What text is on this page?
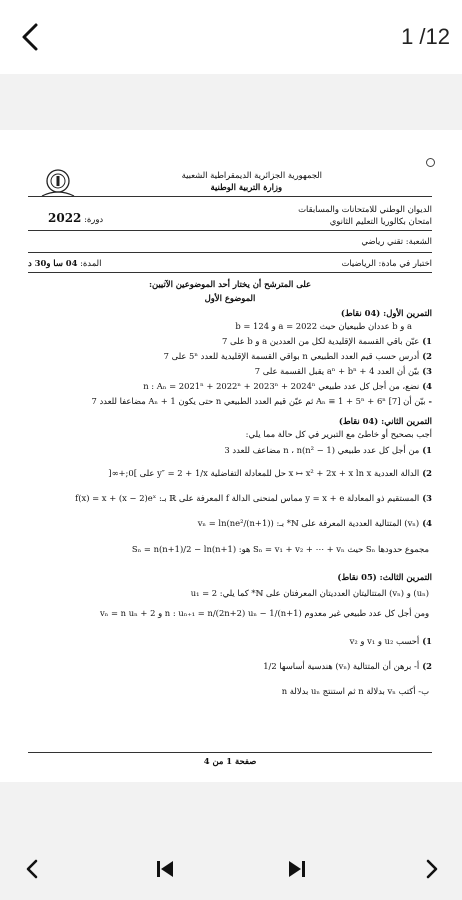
1 /12
الجمهورية الجزائرية الديمقراطية الشعبية
وزارة التربية الوطنية
الديوان الوطني للامتحانات والمسابقات
امتحان بكالوريا التعليم الثانوي
دورة: 2022
الشعبة: تقني رياضي
اختبار في مادة: الرياضيات
المدة: 04 سا و30 د
على المترشح أن يختار أحد الموضوعين الآتيين:
الموضوع الأول
التمرين الأول: (04 نقاط)
a و b عددان طبيعيان حيث 2022 = a و 124 = b
1)عيّن باقي القسمة الإقليدية لكل من العددين a و b على 7
2)أدرس حسب قيم العدد الطبيعي n بواقي القسمة الإقليدية للعدد 5ⁿ على 7
3)بيّن أن العدد 4 + aⁿ + bⁿ يقبل القسمة على 7
4)نضع، من أجل كل عدد طبيعي n : Aₙ = 2021ⁿ + 2022ⁿ + 2023ⁿ + 2024ⁿ
-بيّن أن [7] Aₙ ≡ 1 + 5ⁿ + 6ⁿ ثم عيّن قيم العدد الطبيعي n حتى يكون Aₙ + 1 مضاعفا للعدد 7
التمرين الثاني: (04 نقاط)
أجب بصحيح أو خاطئ مع التبرير في كل حالة مما يلي:
1)من أجل كل عدد طبيعي n ، n(n² − 1) مضاعف للعدد 3
2)الدالة العددية x ↦ x² + 2x + x ln x حل للمعادلة التفاضلية y″ = 2 + 1/x على ]0;+∞[
3)المستقيم ذو المعادلة y = x + e مماس لمنحنى الدالة f المعرفة على ℝ بـ: f(x) = x + (x − 2)eˣ
4)(vₙ) المتتالية العددية المعرفة على ℕ* بـ: vₙ = ln(ne²/(n+1))
مجموع حدودها Sₙ حيث Sₙ = v₁ + v₂ + ⋯ + vₙ هو: Sₙ = n(n+1)/2 − ln(n+1)
التمرين الثالث: (05 نقاط)
(uₙ) و (vₙ) المتتاليتان العدديتان المعرفتان على ℕ* كما يلي: u₁ = 2
ومن أجل كل عدد طبيعي غير معدوم n : uₙ₊₁ = n/(2n+2) uₙ − 1/(n+1) و vₙ = n uₙ + 2
1)أحسب u₂ و v₁ و v₂
2)أ- برهن أن المتتالية (vₙ) هندسية أساسها 1/2
ب- أكتب vₙ بدلالة n ثم استنتج uₙ بدلالة n
صفحة 1 من 4
